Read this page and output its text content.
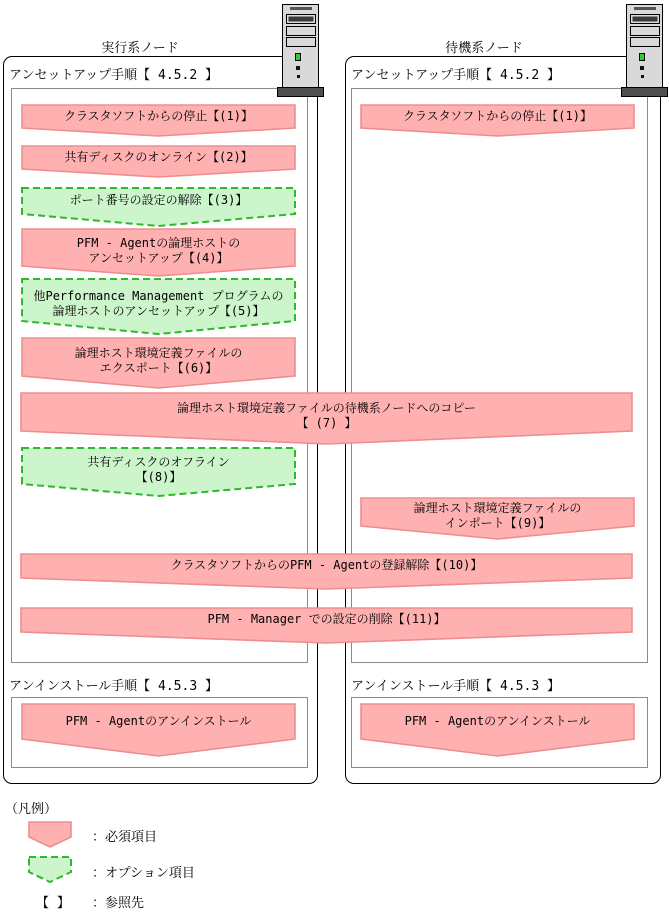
実行系ノード	待機系ノード
アンセットアップ手順【 4.5.2 】	アンセットアップ手順【 4.5.2 】
アンインストール手順【 4.5.3 】	アンインストール手順【 4.5.3 】
クラスタソフトからの停止【(1)】
共有ディスクのオンライン【(2)】
ポート番号の設定の解除【(3)】
PFM - Agentの論理ホストの
アンセットアップ【(4)】
他Performance Management プログラムの
論理ホストのアンセットアップ【(5)】
論理ホスト環境定義ファイルの
エクスポート【(6)】
論理ホスト環境定義ファイルの待機系ノードへのコピー
【 (7) 】
共有ディスクのオフライン
【(8)】
クラスタソフトからの停止【(1)】
論理ホスト環境定義ファイルの
インポート【(9)】
クラスタソフトからのPFM - Agentの登録解除【(10)】
PFM - Manager での設定の削除【(11)】
PFM - Agentのアンインストール	PFM - Agentのアンインストール
（凡例）
：必須項目
：オプション項目
【 】 ：参照先
